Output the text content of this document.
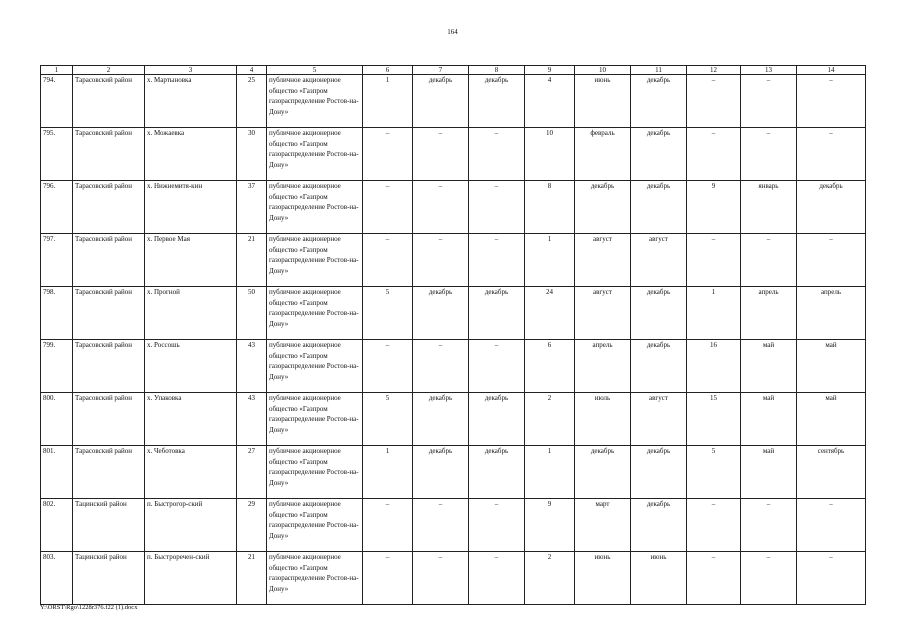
164
1	2	3	4	5	6	7	8	9	10	11	12	13	14
794.	Тарасовский район	х. Мартыновка	25	публичное акционерное общество «Газпром газораспределение Ростов-на-Дону»	1	декабрь	декабрь	4	июнь	декабрь	–	–	–
795.	Тарасовский район	х. Можаевка	30	публичное акционерное общество «Газпром газораспределение Ростов-на-Дону»	–	–	–	10	февраль	декабрь	–	–	–
796.	Тарасовский район	х. Нижнемитя-кин	37	публичное акционерное общество «Газпром газораспределение Ростов-на-Дону»	–	–	–	8	декабрь	декабрь	9	январь	декабрь
797.	Тарасовский район	х. Первое Мая	21	публичное акционерное общество «Газпром газораспределение Ростов-на-Дону»	–	–	–	1	август	август	–	–	–
798.	Тарасовский район	х. Прогной	50	публичное акционерное общество «Газпром газораспределение Ростов-на-Дону»	5	декабрь	декабрь	24	август	декабрь	1	апрель	апрель
799.	Тарасовский район	х. Россошь	43	публичное акционерное общество «Газпром газораспределение Ростов-на-Дону»	–	–	–	6	апрель	декабрь	16	май	май
800.	Тарасовский район	х. Упаковка	43	публичное акционерное общество «Газпром газораспределение Ростов-на-Дону»	5	декабрь	декабрь	2	июль	август	15	май	май
801.	Тарасовский район	х. Чеботовка	27	публичное акционерное общество «Газпром газораспределение Ростов-на-Дону»	1	декабрь	декабрь	1	декабрь	декабрь	5	май	сентябрь
802.	Тацинский район	п. Быстрогор-ский	29	публичное акционерное общество «Газпром газораспределение Ростов-на-Дону»	–	–	–	9	март	декабрь	–	–	–
803.	Тацинский район	п. Быстроречен-ский	21	публичное акционерное общество «Газпром газораспределение Ростов-на-Дону»	–	–	–	2	июнь	июнь	–	–	–
Y:\ORST\Rgo\1228r376.f22 (1).docx
